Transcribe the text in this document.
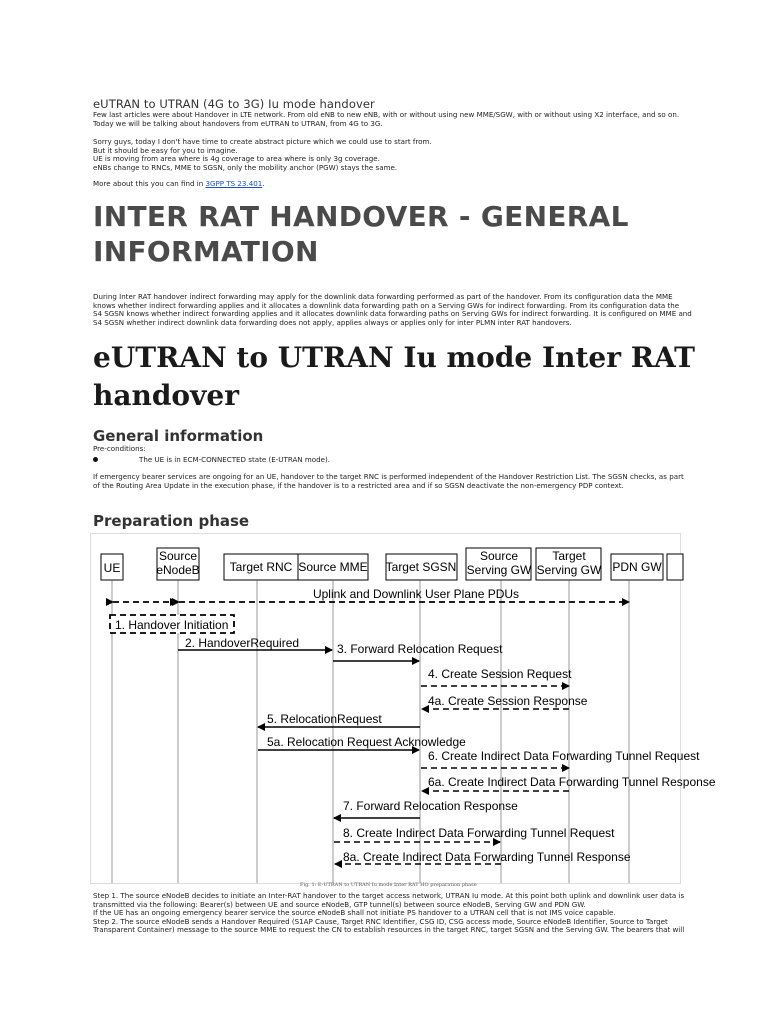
eUTRAN to UTRAN (4G to 3G) Iu mode handover
Few last articles were about Handover in LTE network. From old eNB to new eNB, with or without using new MME/SGW, with or without using X2 interface, and so on.
Today we will be talking about handovers from eUTRAN to UTRAN, from 4G to 3G.
Sorry guys, today I don't have time to create abstract picture which we could use to start from.
But it should be easy for you to imagine.
UE is moving from area where is 4g coverage to area where is only 3g coverage.
eNBs change to RNCs, MME to SGSN, only the mobility anchor (PGW) stays the same.
More about this you can find in 3GPP TS 23.401.
INTER RAT HANDOVER - GENERAL
INFORMATION
During Inter RAT handover indirect forwarding may apply for the downlink data forwarding performed as part of the handover. From its configuration data the MME
knows whether indirect forwarding applies and it allocates a downlink data forwarding path on a Serving GWs for indirect forwarding. From its configuration data the
S4 SGSN knows whether indirect forwarding applies and it allocates downlink data forwarding paths on Serving GWs for indirect forwarding. It is configured on MME and
S4 SGSN whether indirect downlink data forwarding does not apply, applies always or applies only for inter PLMN inter RAT handovers.
eUTRAN to UTRAN Iu mode Inter RAT
handover
General information
Pre-conditions:
The UE is in ECM-CONNECTED state (E-UTRAN mode).
If emergency bearer services are ongoing for an UE, handover to the target RNC is performed independent of the Handover Restriction List. The SGSN checks, as part
of the Routing Area Update in the execution phase, if the handover is to a restricted area and if so SGSN deactivate the non-emergency PDP context.
Preparation phase
UE
Source
eNodeB Target RNC Source MME Target SGSN
Source
Serving GW
Target
Serving GW PDN GW
Uplink and Downlink User Plane PDUs
1. Handover Initiation
2. HandoverRequired	3. Forward Relocation Request
4. Create Session Request
4a. Create Session Response
5. RelocationRequest
5a. Relocation Request Acknowledge
6. Create Indirect Data Forwarding Tunnel Request
6a. Create Indirect Data Forwarding Tunnel Response
7. Forward Relocation Response
8. Create Indirect Data Forwarding Tunnel Request
8a. Create Indirect Data Forwarding Tunnel Response
Fig. 1: E-UTRAN to UTRAN Iu mode Inter RAT HO preparation phase
Step 1. The source eNodeB decides to initiate an Inter-RAT handover to the target access network, UTRAN Iu mode. At this point both uplink and downlink user data is
transmitted via the following: Bearer(s) between UE and source eNodeB, GTP tunnel(s) between source eNodeB, Serving GW and PDN GW.
If the UE has an ongoing emergency bearer service the source eNodeB shall not initiate PS handover to a UTRAN cell that is not IMS voice capable.
Step 2. The source eNodeB sends a Handover Required (S1AP Cause, Target RNC Identifier, CSG ID, CSG access mode, Source eNodeB Identifier, Source to Target
Transparent Container) message to the source MME to request the CN to establish resources in the target RNC, target SGSN and the Serving GW. The bearers that will
